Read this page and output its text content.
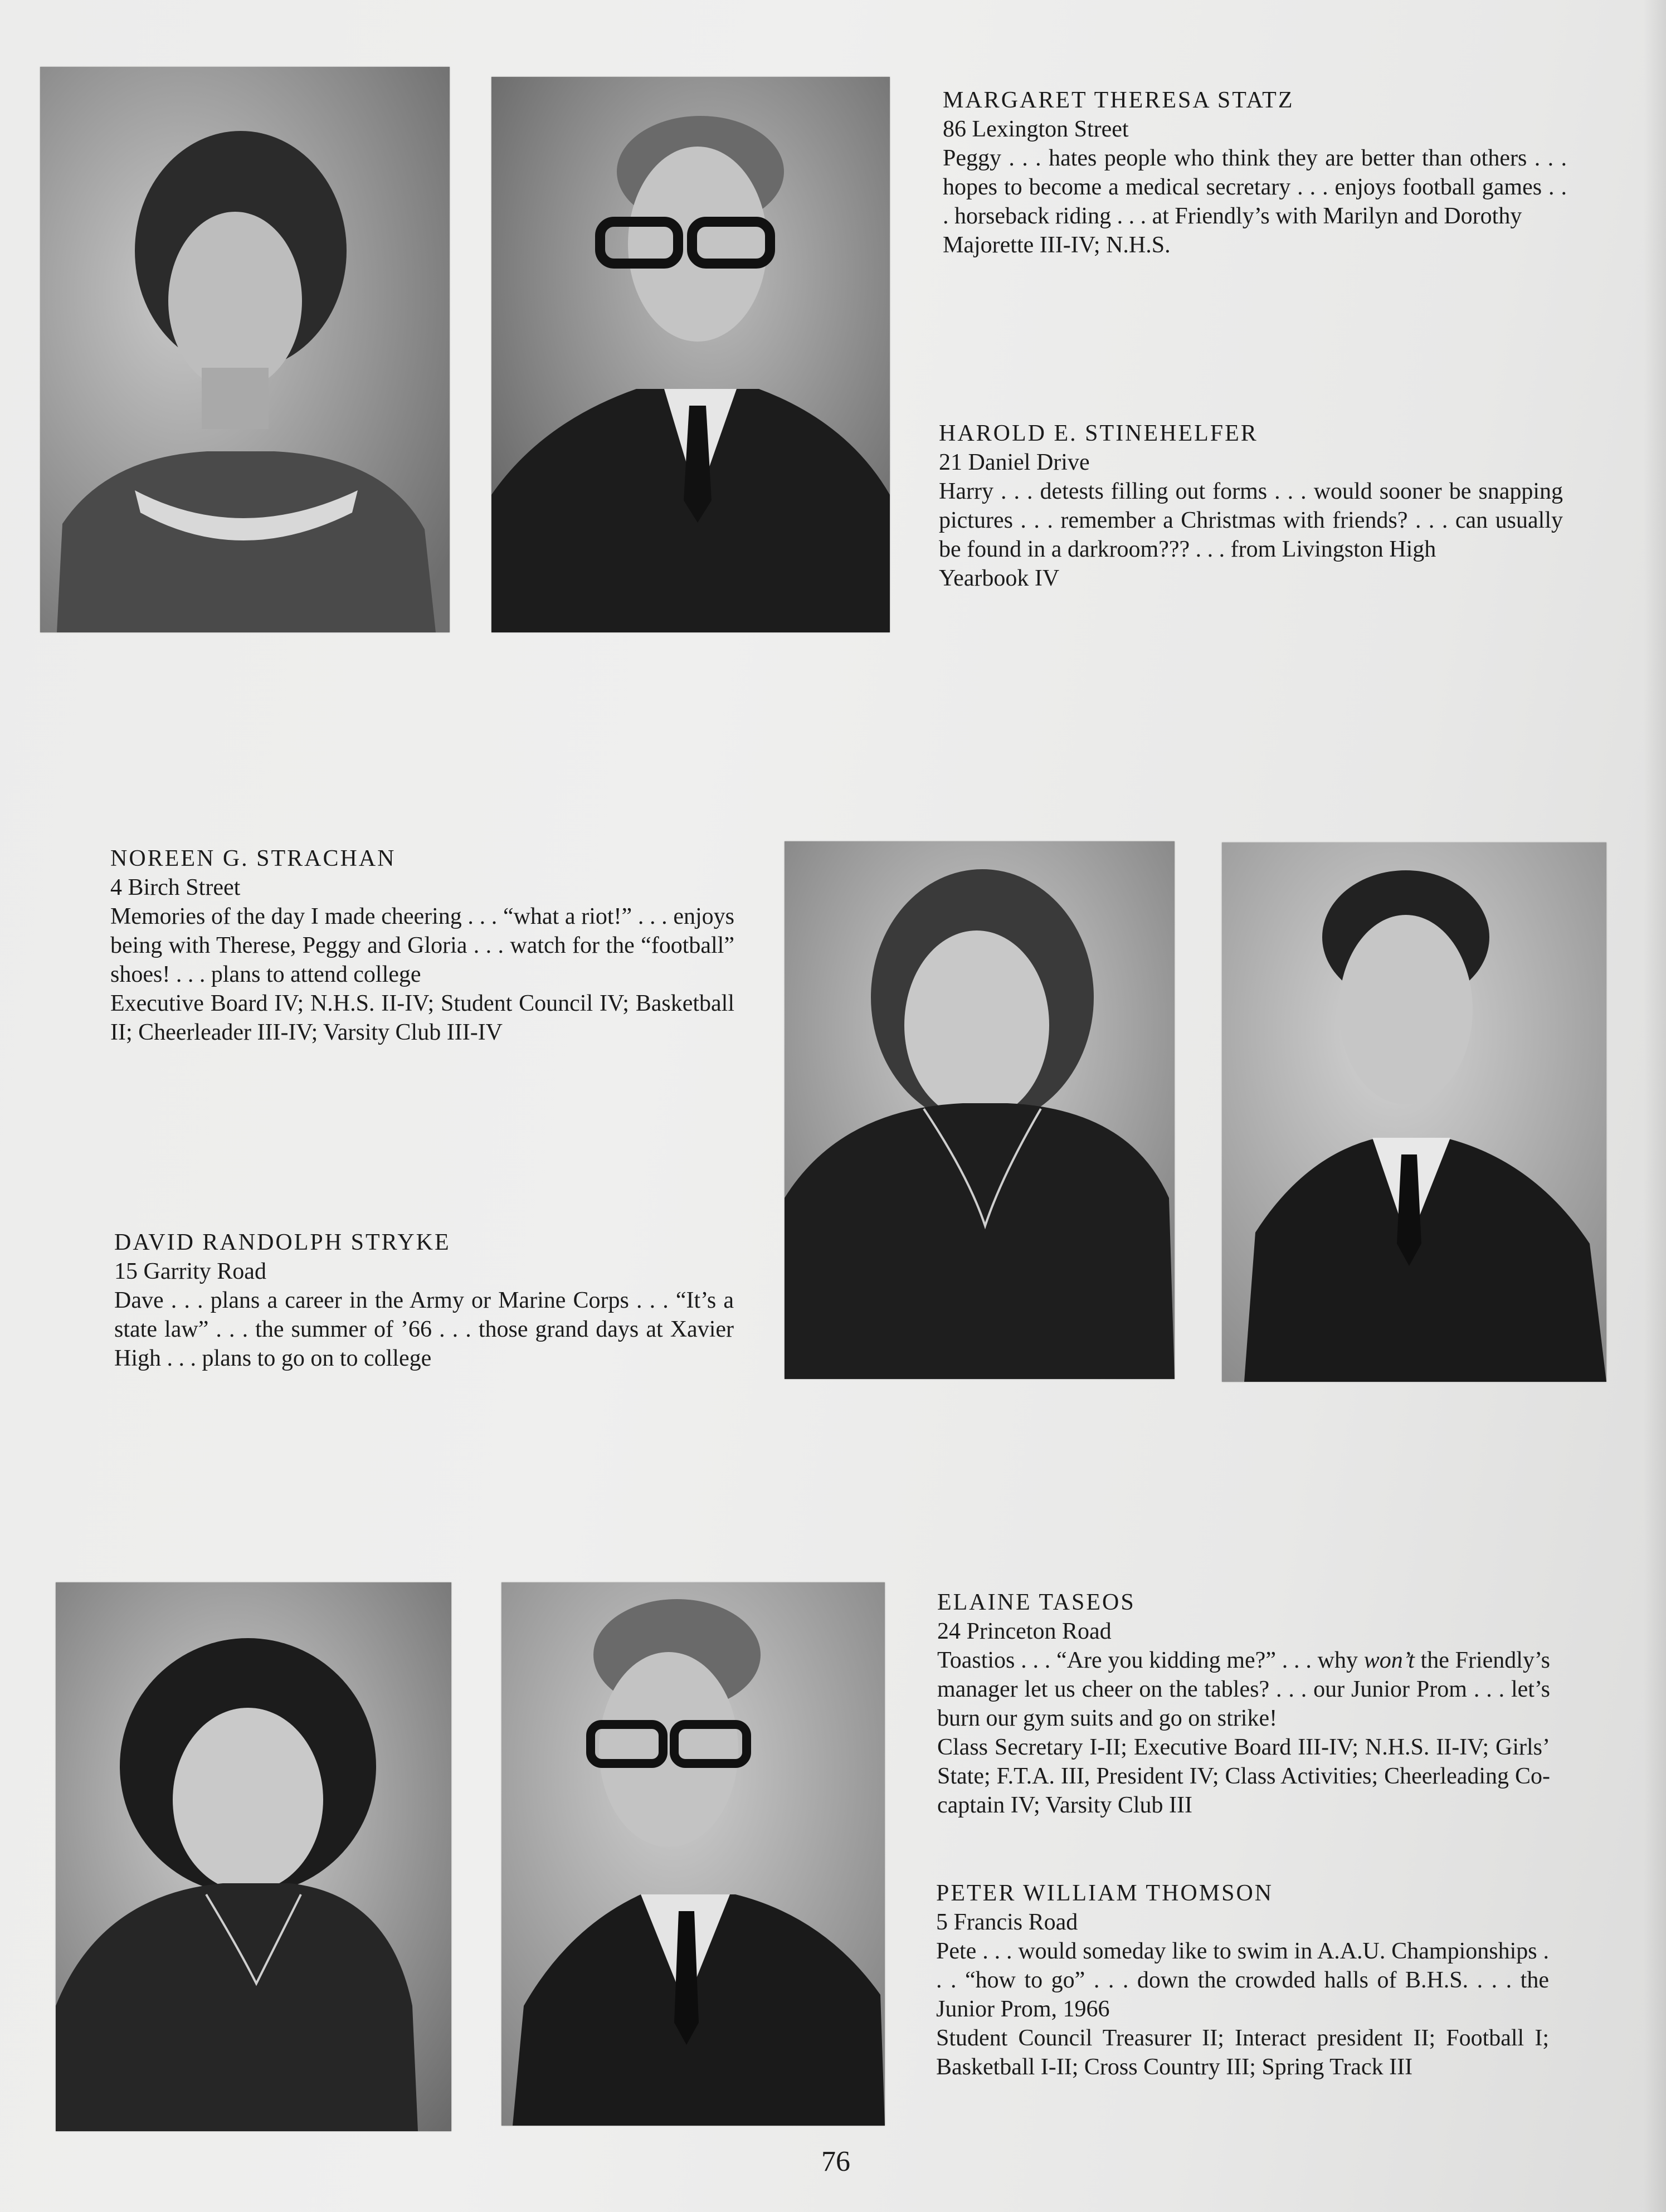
MARGARET THERESA STATZ
86 Lexington Street

Peggy . . . hates people who think they are better than others . . . hopes to become a medical secretary . . . enjoys football games . . . horseback riding . . . at Friendly’s with Marilyn and Dorothy

Majorette III-IV; N.H.S.
HAROLD E. STINEHELFER
21 Daniel Drive

Harry . . . detests filling out forms . . . would sooner be snapping pictures . . . remember a Christmas with friends? . . . can usually be found in a darkroom??? . . . from Livingston High

Yearbook IV
NOREEN G. STRACHAN
4 Birch Street

Memories of the day I made cheering . . . “what a riot!” . . . enjoys being with Therese, Peggy and Gloria . . . watch for the “football” shoes! . . . plans to attend college

Executive Board IV; N.H.S. II-IV; Student Council IV; Basketball II; Cheerleader III-IV; Varsity Club III-IV

DAVID RANDOLPH STRYKE
15 Garrity Road

Dave . . . plans a career in the Army or Marine Corps . . . “It’s a state law” . . . the summer of ’66 . . . those grand days at Xavier High . . . plans to go on to college

ELAINE TASEOS
24 Princeton Road

Toastios . . . “Are you kidding me?” . . . why won’t the Friendly’s manager let us cheer on the tables? . . . our Junior Prom . . . let’s burn our gym suits and go on strike!

Class Secretary I-II; Executive Board III-IV; N.H.S. II-IV; Girls’ State; F.T.A. III, President IV; Class Activities; Cheerleading Co-captain IV; Varsity Club III

PETER WILLIAM THOMSON
5 Francis Road

Pete . . . would someday like to swim in A.A.U. Championships . . . “how to go” . . . down the crowded halls of B.H.S. . . . the Junior Prom, 1966

Student Council Treasurer II; Interact president II; Football I; Basketball I-II; Cross Country III; Spring Track III

76
